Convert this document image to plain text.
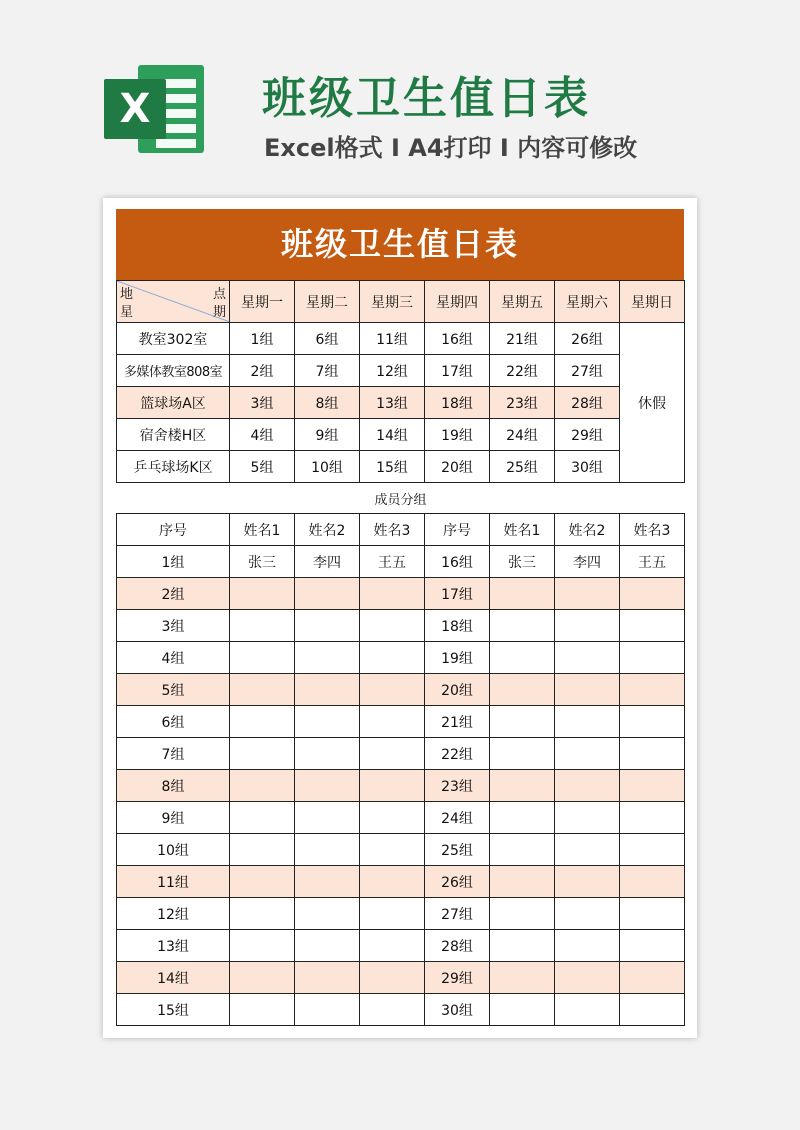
X	班级卫生值日表
Excel格式 Ⅰ A4打印 Ⅰ 内容可修改
班级卫生值日表
地 点
星 期	星期一	星期二	星期三	星期四	星期五	星期六	星期日
教室302室	1组	6组	11组	16组	21组	26组	休假
多媒体教室808室	2组	7组	12组	17组	22组	27组	
篮球场A区	3组	8组	13组	18组	23组	28组	
宿舍楼H区	4组	9组	14组	19组	24组	29组	
乒乓球场K区	5组	10组	15组	20组	25组	30组	
成员分组							
序号	姓名1	姓名2	姓名3	序号	姓名1	姓名2	姓名3
1组	张三	李四	王五	16组	张三	李四	王五
2组				17组			
3组				18组			
4组				19组			
5组				20组			
6组				21组			
7组				22组			
8组				23组			
9组				24组			
10组				25组			
11组				26组			
12组				27组			
13组				28组			
14组				29组			
15组				30组			
